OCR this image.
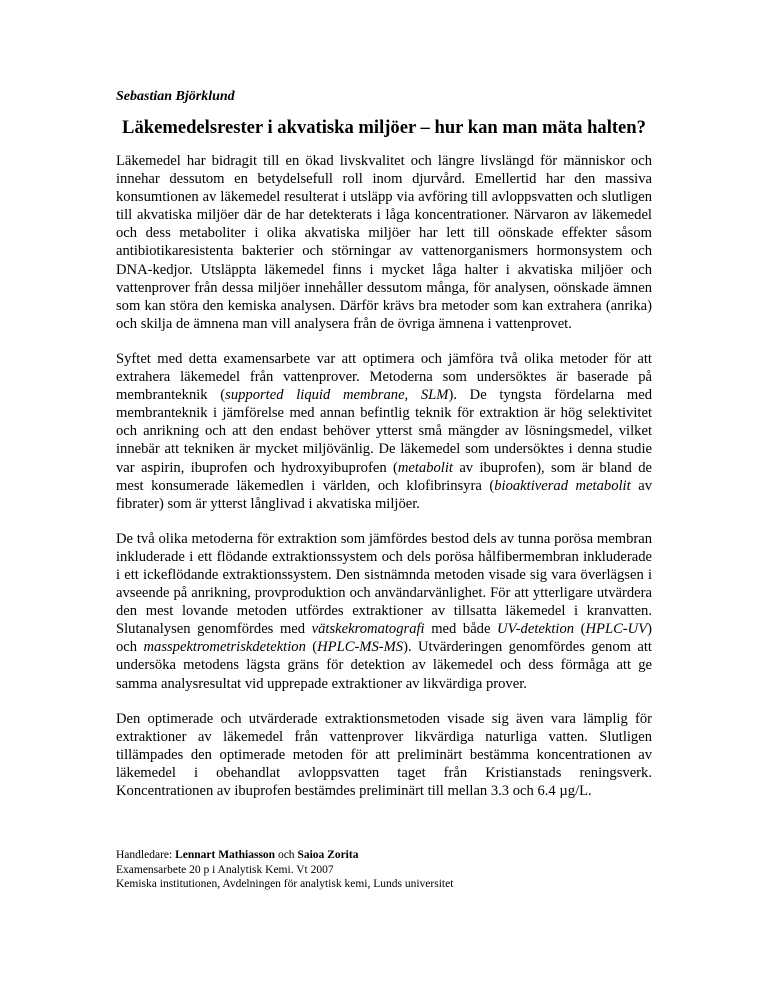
Sebastian Björklund
Läkemedelsrester i akvatiska miljöer – hur kan man mäta halten?

Läkemedel har bidragit till en ökad livskvalitet och längre livslängd för människor och innehar dessutom en betydelsefull roll inom djurvård. Emellertid har den massiva konsumtionen av läkemedel resulterat i utsläpp via avföring till avloppsvatten och slutligen till akvatiska miljöer där de har detekterats i låga koncentrationer. Närvaron av läkemedel och dess metaboliter i olika akvatiska miljöer har lett till oönskade effekter såsom antibiotikaresistenta bakterier och störningar av vattenorganismers hormonsystem och DNA-kedjor. Utsläppta läkemedel finns i mycket låga halter i akvatiska miljöer och vattenprover från dessa miljöer innehåller dessutom många, för analysen, oönskade ämnen som kan störa den kemiska analysen. Därför krävs bra metoder som kan extrahera (anrika) och skilja de ämnena man vill analysera från de övriga ämnena i vattenprovet.

Syftet med detta examensarbete var att optimera och jämföra två olika metoder för att extrahera läkemedel från vattenprover. Metoderna som undersöktes är baserade på membranteknik (supported liquid membrane, SLM). De tyngsta fördelarna med membranteknik i jämförelse med annan befintlig teknik för extraktion är hög selektivitet och anrikning och att den endast behöver ytterst små mängder av lösningsmedel, vilket innebär att tekniken är mycket miljövänlig. De läkemedel som undersöktes i denna studie var aspirin, ibuprofen och hydroxyibuprofen (metabolit av ibuprofen), som är bland de mest konsumerade läkemedlen i världen, och klofibrinsyra (bioaktiverad metabolit av fibrater) som är ytterst långlivad i akvatiska miljöer.

De två olika metoderna för extraktion som jämfördes bestod dels av tunna porösa membran inkluderade i ett flödande extraktionssystem och dels porösa hålfibermembran inkluderade i ett ickeflödande extraktionssystem. Den sistnämnda metoden visade sig vara överlägsen i avseende på anrikning, provproduktion och användarvänlighet. För att ytterligare utvärdera den mest lovande metoden utfördes extraktioner av tillsatta läkemedel i kranvatten. Slutanalysen genomfördes med vätskekromatografi med både UV-detektion (HPLC-UV) och masspektrometriskdetektion (HPLC-MS-MS). Utvärderingen genomfördes genom att undersöka metodens lägsta gräns för detektion av läkemedel och dess förmåga att ge samma analysresultat vid upprepade extraktioner av likvärdiga prover.

Den optimerade och utvärderade extraktionsmetoden visade sig även vara lämplig för extraktioner av läkemedel från vattenprover likvärdiga naturliga vatten. Slutligen tillämpades den optimerade metoden för att preliminärt bestämma koncentrationen av läkemedel i obehandlat avloppsvatten taget från Kristianstads reningsverk. Koncentrationen av ibuprofen bestämdes preliminärt till mellan 3.3 och 6.4 µg/L.

Handledare: Lennart Mathiasson och Saioa Zorita
Examensarbete 20 p i Analytisk Kemi. Vt 2007
Kemiska institutionen, Avdelningen för analytisk kemi, Lunds universitet
